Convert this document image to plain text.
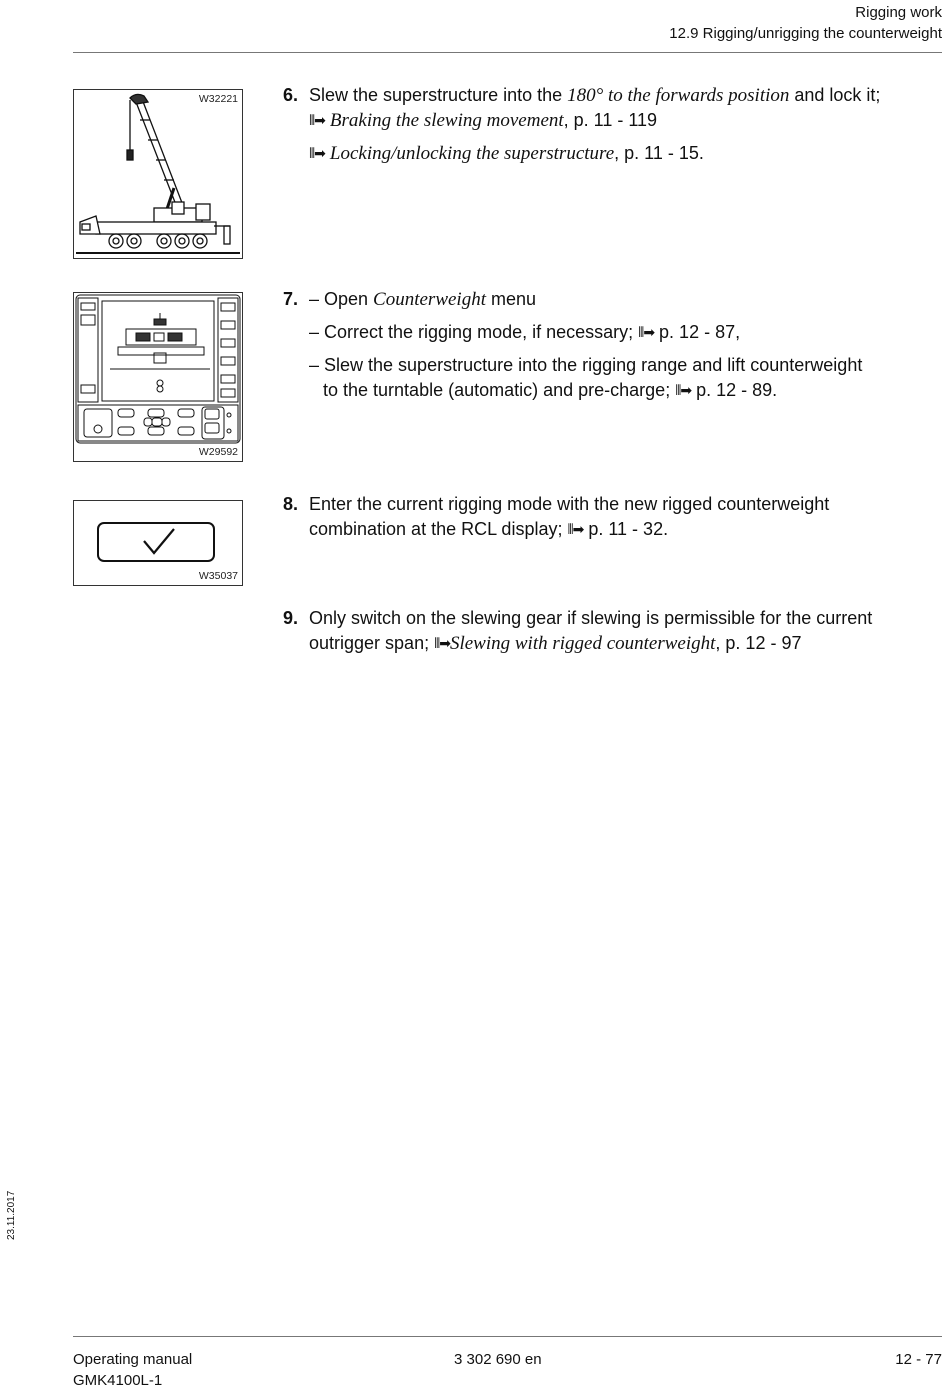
Rigging work
12.9 Rigging/unrigging the counterweight
W32221
W29592
W35037
6. Slew the superstructure into the 180° to the forwards position and lock it;
⦀➡ Braking the slewing movement, p. 11 - 119
⦀➡ Locking/unlocking the superstructure, p. 11 - 15.
7. – Open Counterweight menu
– Correct the rigging mode, if necessary; ⦀➡ p. 12 - 87,
– Slew the superstructure into the rigging range and lift counterweight
to the turntable (automatic) and pre-charge; ⦀➡ p. 12 - 89.
8. Enter the current rigging mode with the new rigged counterweight
combination at the RCL display; ⦀➡ p. 11 - 32.
9. Only switch on the slewing gear if slewing is permissible for the current
outrigger span; ⦀➡Slewing with rigged counterweight, p. 12 - 97
23.11.2017
Operating manual
GMK4100L-1
3 302 690 en	12 - 77
